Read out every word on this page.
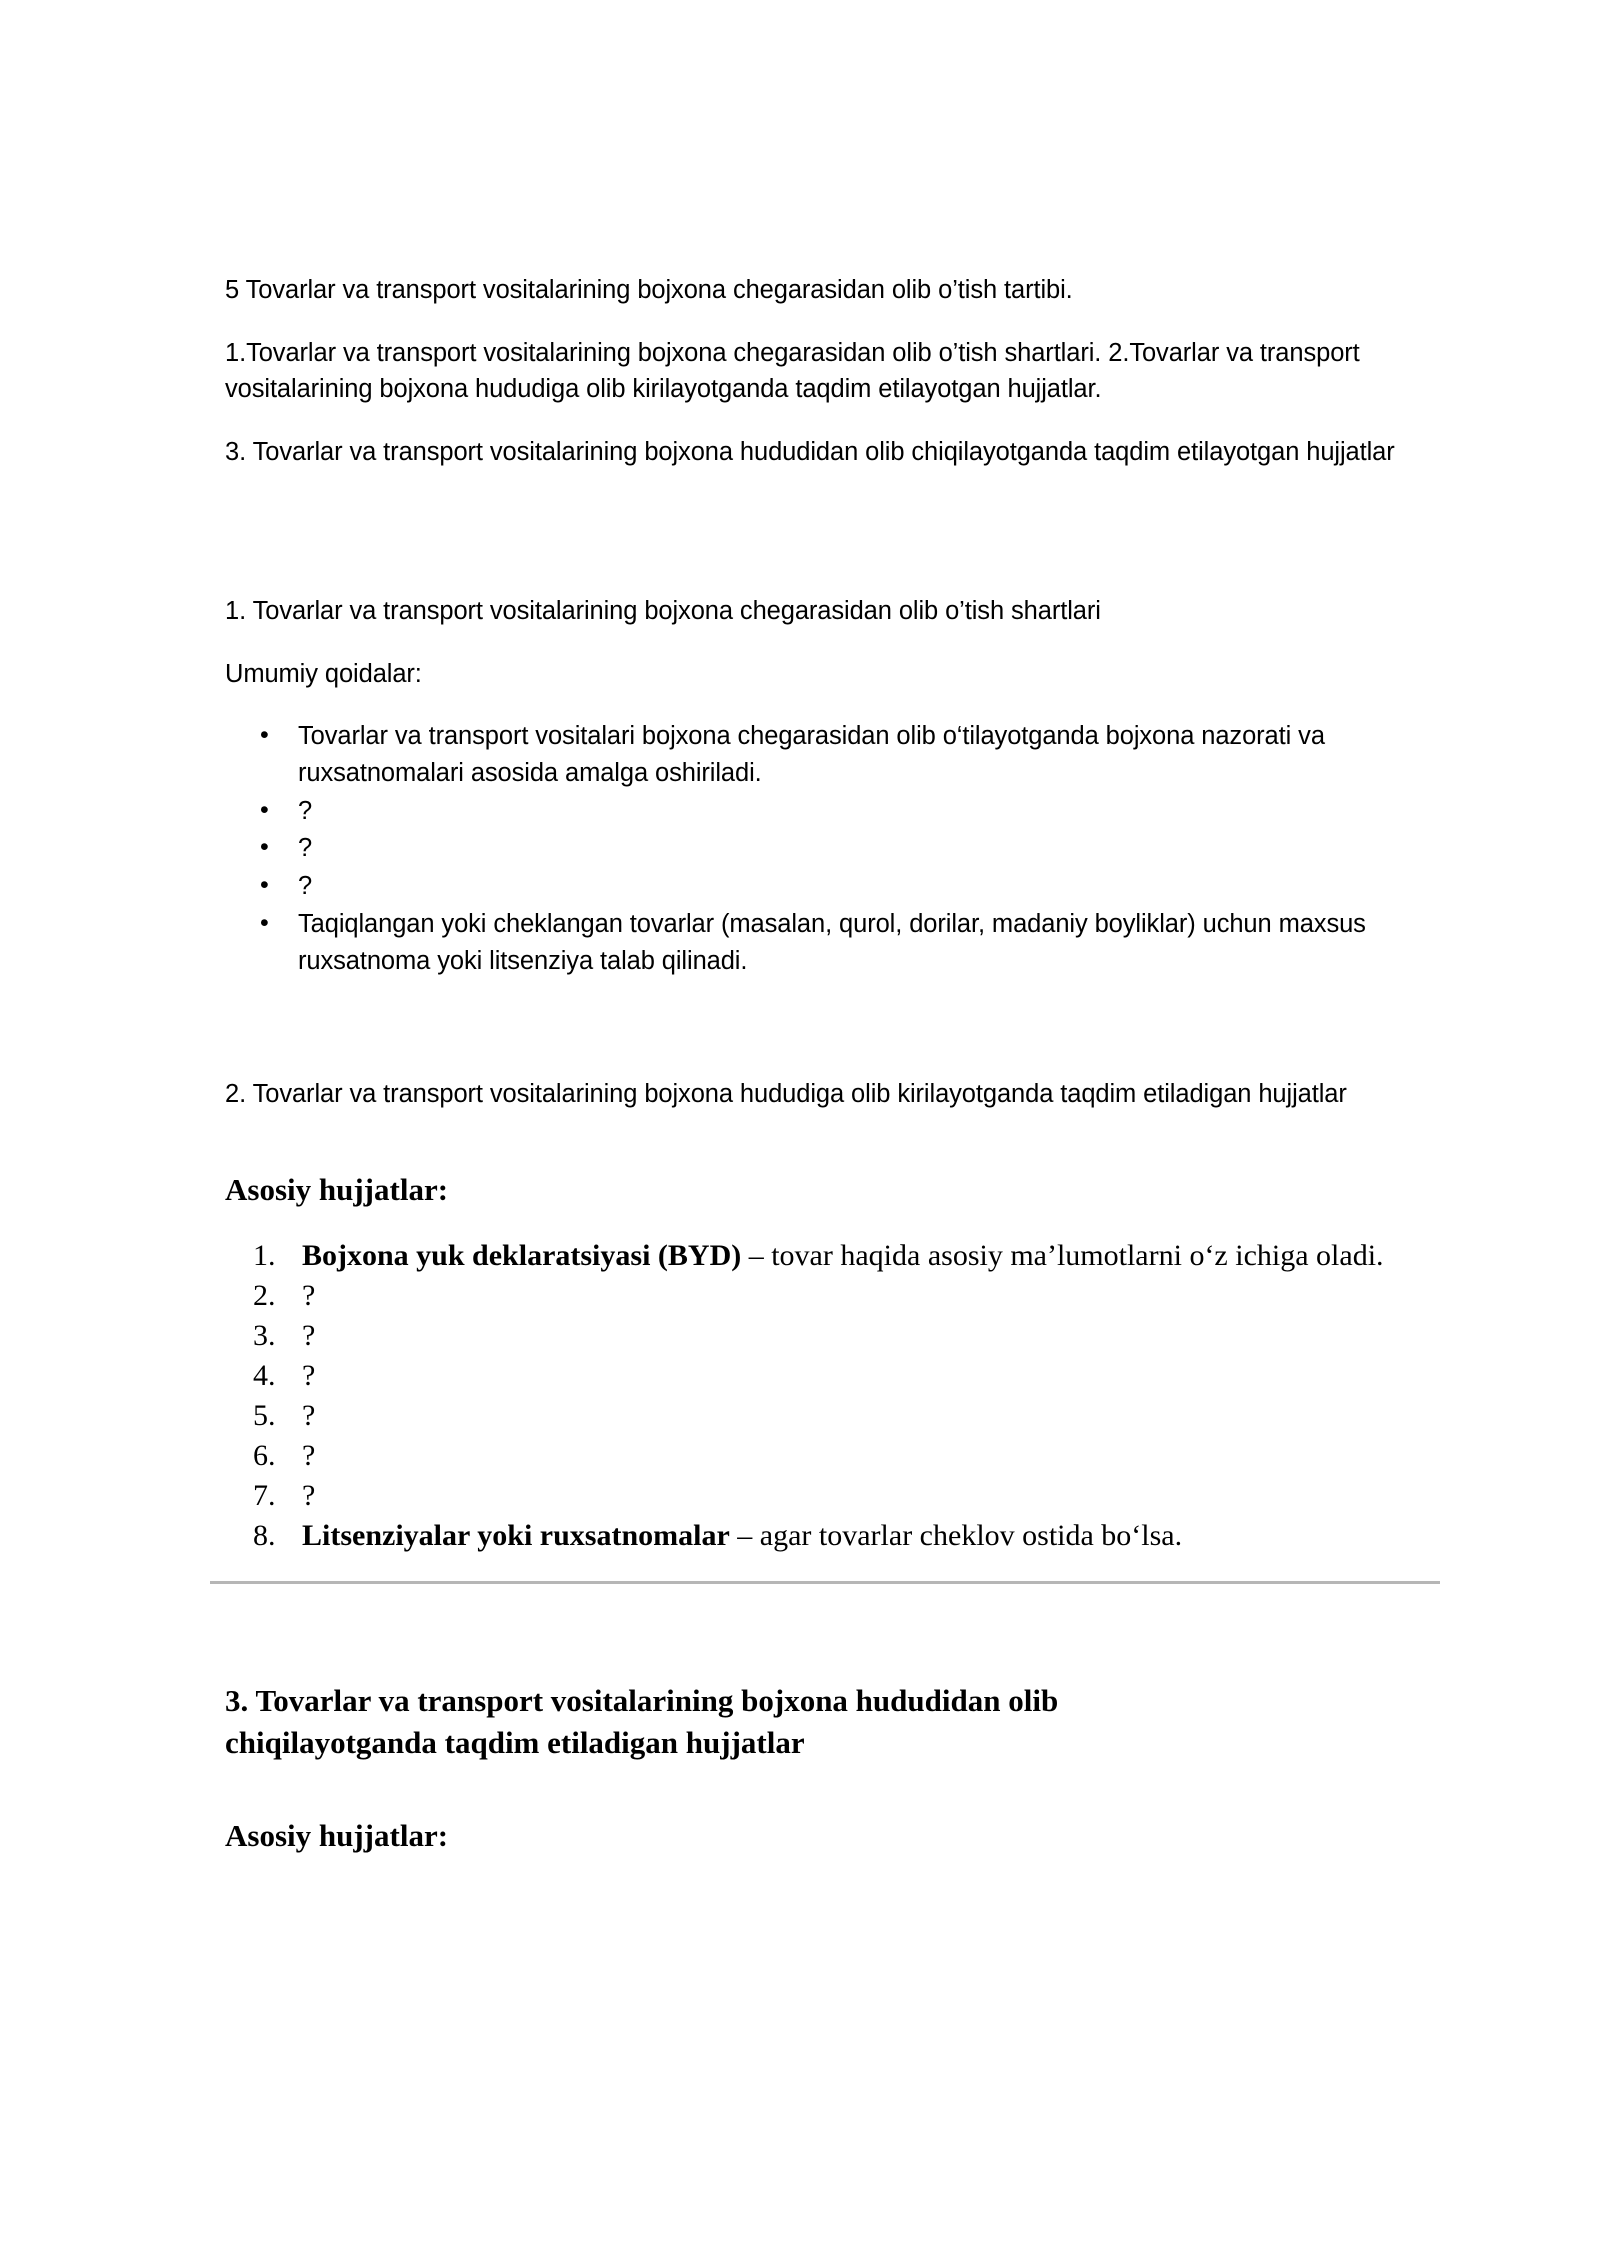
5 Tovarlar va transport vositalarining bojxona chegarasidan olib o’tish tartibi.

1.Tovarlar va transport vositalarining bojxona chegarasidan olib o’tish shartlari. 2.Tovarlar va transport vositalarining bojxona hududiga olib kirilayotganda taqdim etilayotgan hujjatlar.

3. Tovarlar va transport vositalarining bojxona hududidan olib chiqilayotganda taqdim etilayotgan hujjatlar

1. Tovarlar va transport vositalarining bojxona chegarasidan olib o’tish shartlari

Umumiy qoidalar:

• Tovarlar va transport vositalari bojxona chegarasidan olib o‘tilayotganda bojxona nazorati va ruxsatnomalari asosida amalga oshiriladi.
• ?
• ?
• ?
• Taqiqlangan yoki cheklangan tovarlar (masalan, qurol, dorilar, madaniy boyliklar) uchun maxsus ruxsatnoma yoki litsenziya talab qilinadi.

2. Tovarlar va transport vositalarining bojxona hududiga olib kirilayotganda taqdim etiladigan hujjatlar

Asosiy hujjatlar:

Bojxona yuk deklaratsiyasi (BYD) – tovar haqida asosiy ma’lumotlarni o‘z ichiga oladi.
?
?
?
?
?
?
Litsenziyalar yoki ruxsatnomalar – agar tovarlar cheklov ostida bo‘lsa.

3. Tovarlar va transport vositalarining bojxona hududidan olib

chiqilayotganda taqdim etiladigan hujjatlar

Asosiy hujjatlar:
